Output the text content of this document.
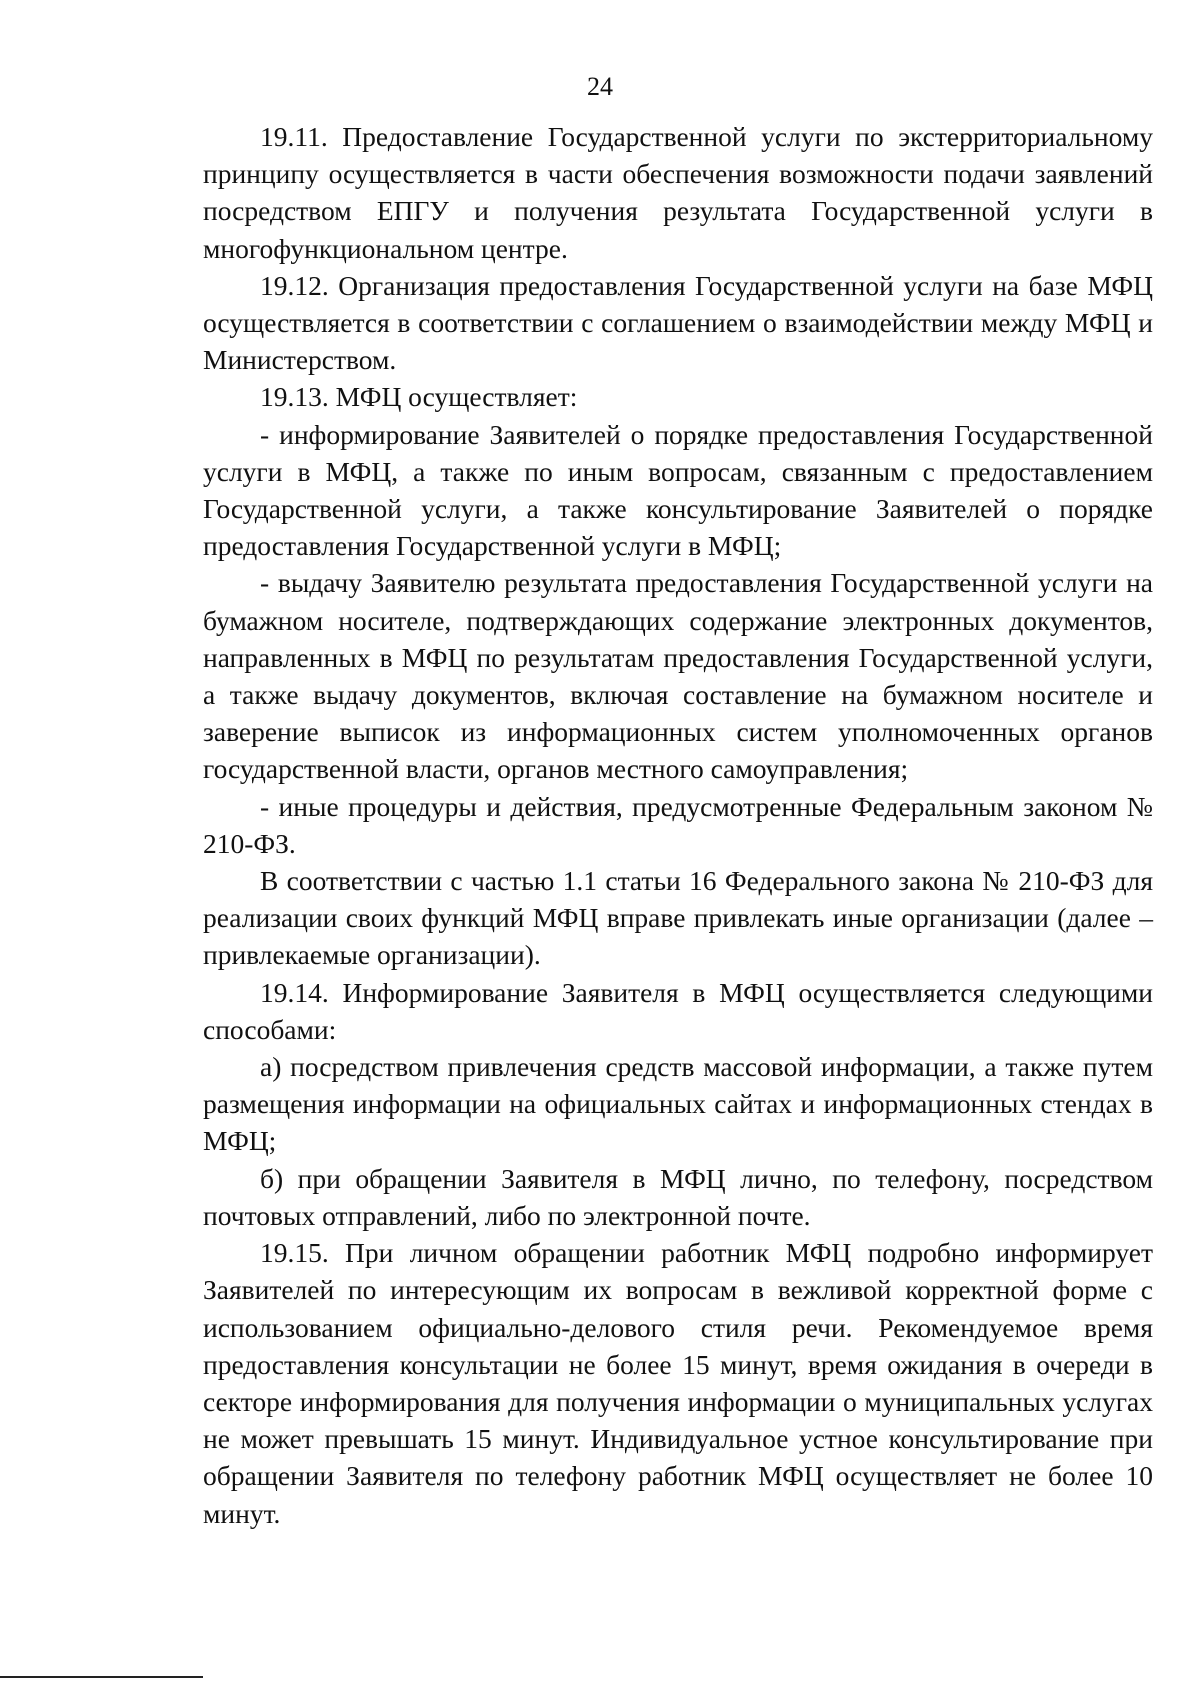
24

19.11. Предоставление Государственной услуги по экстерриториальному принципу осуществляется в части обеспечения возможности подачи заявлений посредством ЕПГУ и получения результата Государственной услуги в многофункциональном центре.

19.12. Организация предоставления Государственной услуги на базе МФЦ осуществляется в соответствии с соглашением о взаимодействии между МФЦ и Министерством.

19.13. МФЦ осуществляет:

- информирование Заявителей о порядке предоставления Государственной услуги в МФЦ, а также по иным вопросам, связанным с предоставлением Государственной услуги, а также консультирование Заявителей о порядке предоставления Государственной услуги в МФЦ;

- выдачу Заявителю результата предоставления Государственной услуги на бумажном носителе, подтверждающих содержание электронных документов, направленных в МФЦ по результатам предоставления Государственной услуги, а также выдачу документов, включая составление на бумажном носителе и заверение выписок из информационных систем уполномоченных органов государственной власти, органов местного самоуправления;

- иные процедуры и действия, предусмотренные Федеральным законом № 210-ФЗ.

В соответствии с частью 1.1 статьи 16 Федерального закона № 210-ФЗ для реализации своих функций МФЦ вправе привлекать иные организации (далее – привлекаемые организации).

19.14. Информирование Заявителя в МФЦ осуществляется следующими способами:

а) посредством привлечения средств массовой информации, а также путем размещения информации на официальных сайтах и информационных стендах в МФЦ;

б) при обращении Заявителя в МФЦ лично, по телефону, посредством почтовых отправлений, либо по электронной почте.

19.15. При личном обращении работник МФЦ подробно информирует Заявителей по интересующим их вопросам в вежливой корректной форме с использованием официально-делового стиля речи. Рекомендуемое время предоставления консультации не более 15 минут, время ожидания в очереди в секторе информирования для получения информации о муниципальных услугах не может превышать 15 минут. Индивидуальное устное консультирование при обращении Заявителя по телефону работник МФЦ осуществляет не более 10 минут.
